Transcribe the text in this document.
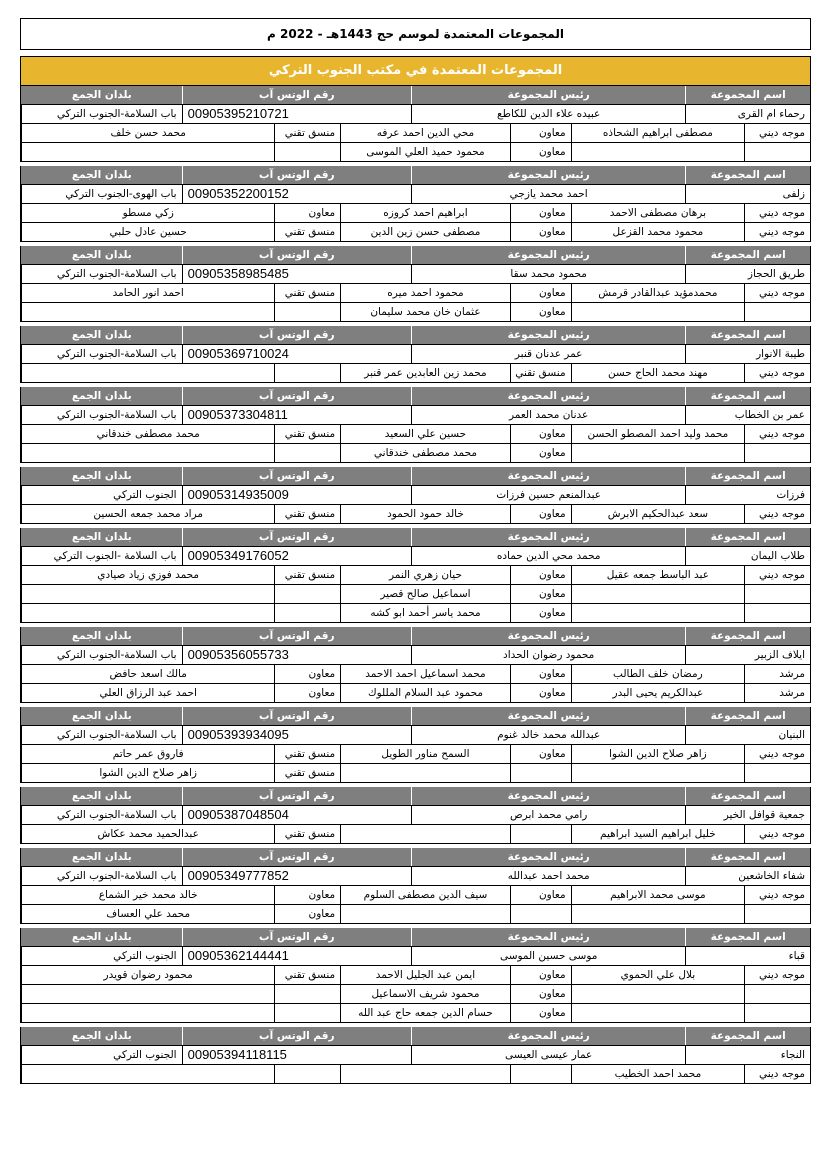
المجموعات المعتمدة لموسم حج 1443هـ - 2022 م
المجموعات المعتمدة في مكتب الجنوب التركي
اسم المجموعة
رئيس المجموعة
رقم الوتس آب
بلدان الجمع
رحماء ام القرى
عبيده علاء الدين للكاطع
00905395210721
باب السلامة-الجنوب التركي
موجه ديني
مصطفى ابراهيم الشحاذه
معاون
محي الدين احمد عرفه
منسق تقني
محمد حسن خلف
معاون
محمود حميد العلي الموسى
اسم المجموعة
رئيس المجموعة
رقم الوتس آب
بلدان الجمع
زلفى
احمد محمد يازجي
00905352200152
باب الهوى-الجنوب التركي
موجه ديني
برهان مصطفى الاحمد
معاون
ابراهيم احمد كروزه
معاون
زكي مسطو
موجه ديني
محمود محمد القزعل
معاون
مصطفى حسن زين الدين
منسق تقني
حسين عادل حلبي
اسم المجموعة
رئيس المجموعة
رقم الوتس آب
بلدان الجمع
طريق الحجاز
محمود محمد سقا
00905358985485
باب السلامة-الجنوب التركي
موجه ديني
محمدمؤيد عبدالقادر قرمش
معاون
محمود احمد ميره
منسق تقني
احمد انور الحامد
معاون
عثمان خان محمد سليمان
اسم المجموعة
رئيس المجموعة
رقم الوتس آب
بلدان الجمع
طيبة الانوار
عمر عدنان قنبر
00905369710024
باب السلامة-الجنوب التركي
موجه ديني
مهند محمد الحاج حسن
منسق تقني
محمد زين العابدين عمر قنبر
اسم المجموعة
رئيس المجموعة
رقم الوتس آب
بلدان الجمع
عمر بن الخطاب
عدنان محمد العمر
00905373304811
باب السلامة-الجنوب التركي
موجه ديني
محمد وليد احمد المصطو الحسن
معاون
حسين علي السعيد
منسق تقني
محمد مصطفى خندقاني
معاون
محمد مصطفى خندقاني
اسم المجموعة
رئيس المجموعة
رقم الوتس آب
بلدان الجمع
فرزات
عبدالمنعم حسين فرزات
00905314935009
الجنوب التركي
موجه ديني
سعد عبدالحكيم الابرش
معاون
خالد حمود الحمود
منسق تقني
مراد محمد جمعه الحسين
اسم المجموعة
رئيس المجموعة
رقم الوتس آب
بلدان الجمع
طلاب اليمان
محمد محي الدين حماده
00905349176052
باب السلامة -الجنوب التركي
موجه ديني
عبد الباسط جمعه عقيل
معاون
حيان زهري النمر
منسق تقني
محمد فوزي زياد صيادي
معاون
اسماعيل صالح قصير
معاون
محمد ياسر أحمد ابو كشه
اسم المجموعة
رئيس المجموعة
رقم الوتس آب
بلدان الجمع
ايلاف الزبير
محمود رضوان الحداد
00905356055733
باب السلامة-الجنوب التركي
مرشد
رمضان خلف الطالب
معاون
محمد اسماعيل احمد الاحمد
معاون
مالك اسعد حافض
مرشد
عبدالكريم يحيى البدر
معاون
محمود عبد السلام المللوك
معاون
احمد عبد الرزاق العلي
اسم المجموعة
رئيس المجموعة
رقم الوتس آب
بلدان الجمع
البنيان
عبدالله محمد خالد غنوم
00905393934095
باب السلامة-الجنوب التركي
موجه ديني
زاهر صلاح الدين الشوا
معاون
السمح مناور الطويل
منسق تقني
فاروق عمر حاتم
منسق تقني
زاهر صلاح الدين الشوا
اسم المجموعة
رئيس المجموعة
رقم الوتس آب
بلدان الجمع
جمعية قوافل الخير
رامي محمد ابرص
00905387048504
باب السلامة-الجنوب التركي
موجه ديني
خليل ابراهيم السيد ابراهيم
منسق تقني
عبدالحميد محمد عكاش
اسم المجموعة
رئيس المجموعة
رقم الوتس آب
بلدان الجمع
شفاء الخاشعين
محمد احمد عبدالله
00905349777852
باب السلامة-الجنوب التركي
موجه ديني
موسى محمد الابراهيم
معاون
سيف الدين مصطفى السلوم
معاون
خالد محمد خير الشماع
معاون
محمد علي العساف
اسم المجموعة
رئيس المجموعة
رقم الوتس آب
بلدان الجمع
قباء
موسى حسين الموسى
00905362144441
الجنوب التركي
موجه ديني
بلال علي الحموي
معاون
ايمن عبد الجليل الاحمد
منسق تقني
محمود رضوان قويدر
معاون
محمود شريف الاسماعيل
معاون
حسام الدين جمعه حاج عبد الله
اسم المجموعة
رئيس المجموعة
رقم الوتس آب
بلدان الجمع
النجاء
عمار عيسى العيسى
00905394118115
الجنوب التركي
موجه ديني
محمد احمد الخطيب
